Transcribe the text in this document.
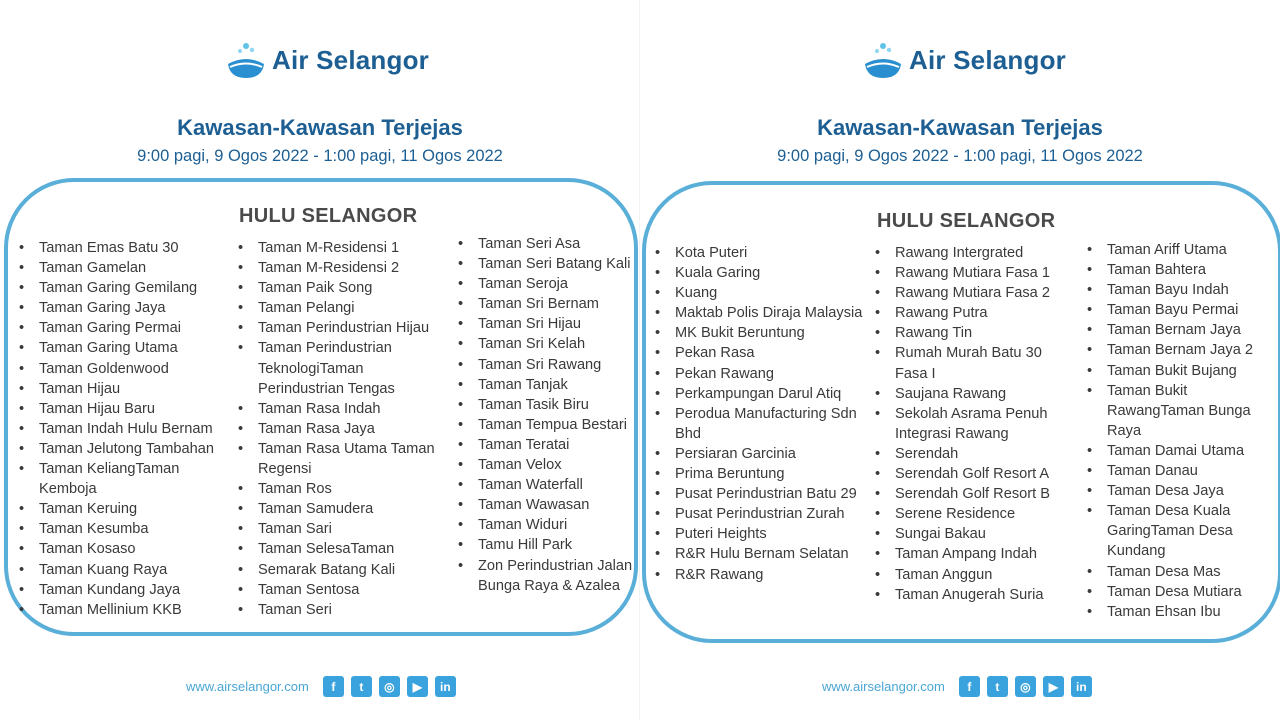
Air Selangor
Kawasan-Kawasan Terjejas
9:00 pagi, 9 Ogos 2022 - 1:00 pagi, 11 Ogos 2022
HULU SELANGOR
• Taman Emas Batu 30
• Taman Gamelan
• Taman Garing Gemilang
• Taman Garing Jaya
• Taman Garing Permai
• Taman Garing Utama
• Taman Goldenwood
• Taman Hijau
• Taman Hijau Baru
• Taman Indah Hulu Bernam
• Taman Jelutong Tambahan
• Taman KeliangTaman Kemboja
• Taman Keruing
• Taman Kesumba
• Taman Kosaso
• Taman Kuang Raya
• Taman Kundang Jaya
• Taman Mellinium KKB
• Taman M-Residensi 1
• Taman M-Residensi 2
• Taman Paik Song
• Taman Pelangi
• Taman Perindustrian Hijau
• Taman Perindustrian TeknologiTaman Perindustrian Tengas
• Taman Rasa Indah
• Taman Rasa Jaya
• Taman Rasa Utama Taman Regensi
• Taman Ros
• Taman Samudera
• Taman Sari
• Taman SelesaTaman
• Semarak Batang Kali
• Taman Sentosa
• Taman Seri
• Taman Seri Asa
• Taman Seri Batang Kali
• Taman Seroja
• Taman Sri Bernam
• Taman Sri Hijau
• Taman Sri Kelah
• Taman Sri Rawang
• Taman Tanjak
• Taman Tasik Biru
• Taman Tempua Bestari
• Taman Teratai
• Taman Velox
• Taman Waterfall
• Taman Wawasan
• Taman Widuri
• Tamu Hill Park
• Zon Perindustrian Jalan Bunga Raya & Azalea
www.airselangor.com	f	t	◎	▶	in
Air Selangor
Kawasan-Kawasan Terjejas
9:00 pagi, 9 Ogos 2022 - 1:00 pagi, 11 Ogos 2022
HULU SELANGOR
• Kota Puteri
• Kuala Garing
• Kuang
• Maktab Polis Diraja Malaysia
• MK Bukit Beruntung
• Pekan Rasa
• Pekan Rawang
• Perkampungan Darul Atiq
• Perodua Manufacturing Sdn Bhd
• Persiaran Garcinia
• Prima Beruntung
• Pusat Perindustrian Batu 29
• Pusat Perindustrian Zurah
• Puteri Heights
• R&R Hulu Bernam Selatan
• R&R Rawang
• Rawang Intergrated
• Rawang Mutiara Fasa 1
• Rawang Mutiara Fasa 2
• Rawang Putra
• Rawang Tin
• Rumah Murah Batu 30 Fasa I
• Saujana Rawang
• Sekolah Asrama Penuh Integrasi Rawang
• Serendah
• Serendah Golf Resort A
• Serendah Golf Resort B
• Serene Residence
• Sungai Bakau
• Taman Ampang Indah
• Taman Anggun
• Taman Anugerah Suria
• Taman Ariff Utama
• Taman Bahtera
• Taman Bayu Indah
• Taman Bayu Permai
• Taman Bernam Jaya
• Taman Bernam Jaya 2
• Taman Bukit Bujang
• Taman Bukit RawangTaman Bunga Raya
• Taman Damai Utama
• Taman Danau
• Taman Desa Jaya
• Taman Desa Kuala GaringTaman Desa Kundang
• Taman Desa Mas
• Taman Desa Mutiara
• Taman Ehsan Ibu
www.airselangor.com	f	t	◎	▶	in
